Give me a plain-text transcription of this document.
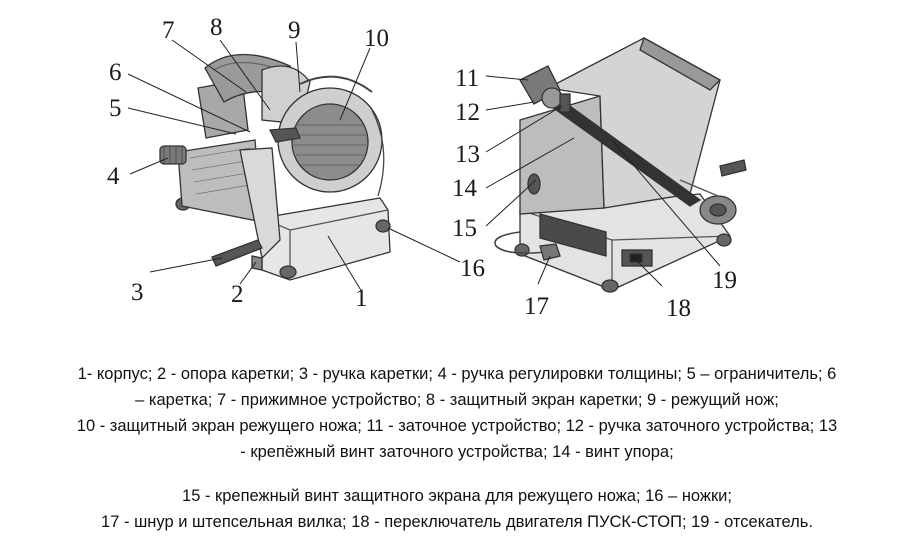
1
2
3
4
5
6
7 8	9	10
11
12
13
14
15
16
17	18
19

1- корпус; 2 - опора каретки; 3 - ручка каретки; 4 - ручка регулировки толщины; 5 – ограничитель; 6

– каретка; 7 - прижимное устройство; 8 - защитный экран каретки; 9 - режущий нож;

10 - защитный экран режущего ножа; 11 - заточное устройство; 12 - ручка заточного устройства; 13

- крепёжный винт заточного устройства; 14 - винт упора;

15 - крепежный винт защитного экрана для режущего ножа; 16 – ножки;

17 - шнур и штепсельная вилка; 18 - переключатель двигателя ПУСК-СТОП; 19 - отсекатель.
